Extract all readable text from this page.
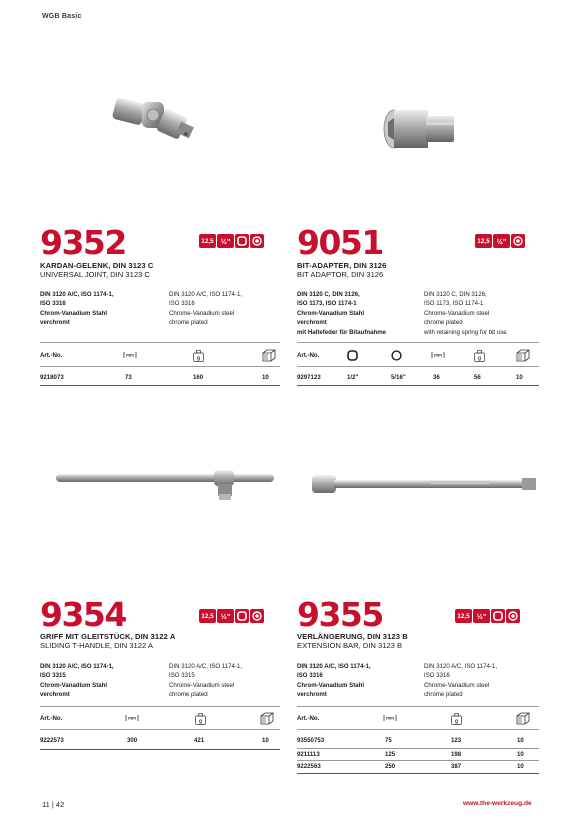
WGB Basic
9352	12,5 ½"
KARDAN-GELENK, DIN 3123 C
UNIVERSAL JOINT, DIN 3123 C
DIN 3120 A/C, ISO 1174-1,
ISO 3316
Chrom-Vanadium Stahl
verchromt
DIN 3120 A/C, ISO 1174-1,
ISO 3316
Chrome-Vanadium steel
chrome plated
Art.-No.	mm
g
9218073	73	160	10
9051	12,5 ½"
BIT-ADAPTER, DIN 3126
BIT ADAPTOR, DIN 3126
DIN 3120 C, DIN 3126,
ISO 1173, ISO 1174-1
Chrom-Vanadium Stahl
verchromt
mit Haltefeder für Bitaufnahme
DIN 3120 C, DIN 3126,
ISO 1173, ISO 1174-1
Chrome-Vanadium steel
chrome plated
with retaining spring for bit use
Art.-No.	mm
g
9297123	1/2"	5/16"	36	56	10
9354	12,5 ½"
GRIFF MIT GLEITSTÜCK, DIN 3122 A
SLIDING T-HANDLE, DIN 3122 A
DIN 3120 A/C, ISO 1174-1,
ISO 3315
Chrom-Vanadium Stahl
verchromt
DIN 3120 A/C, ISO 1174-1,
ISO 3315
Chrome-Vanadium steel
chrome plated
Art.-No.	mm
g
9222573	300	421	10
9355	12,5 ½"
VERLÄNGERUNG, DIN 3123 B
EXTENSION BAR, DIN 3123 B
DIN 3120 A/C, ISO 1174-1,
ISO 3316
Chrom-Vanadium Stahl
verchromt
DIN 3120 A/C, ISO 1174-1,
ISO 3316
Chrome-Vanadium steel
chrome plated
Art.-No.	mm
g
93550753	75	123	10
9211113	125	198	10
9222563	250	387	10
11 | 42	www.the-werkzeug.de
